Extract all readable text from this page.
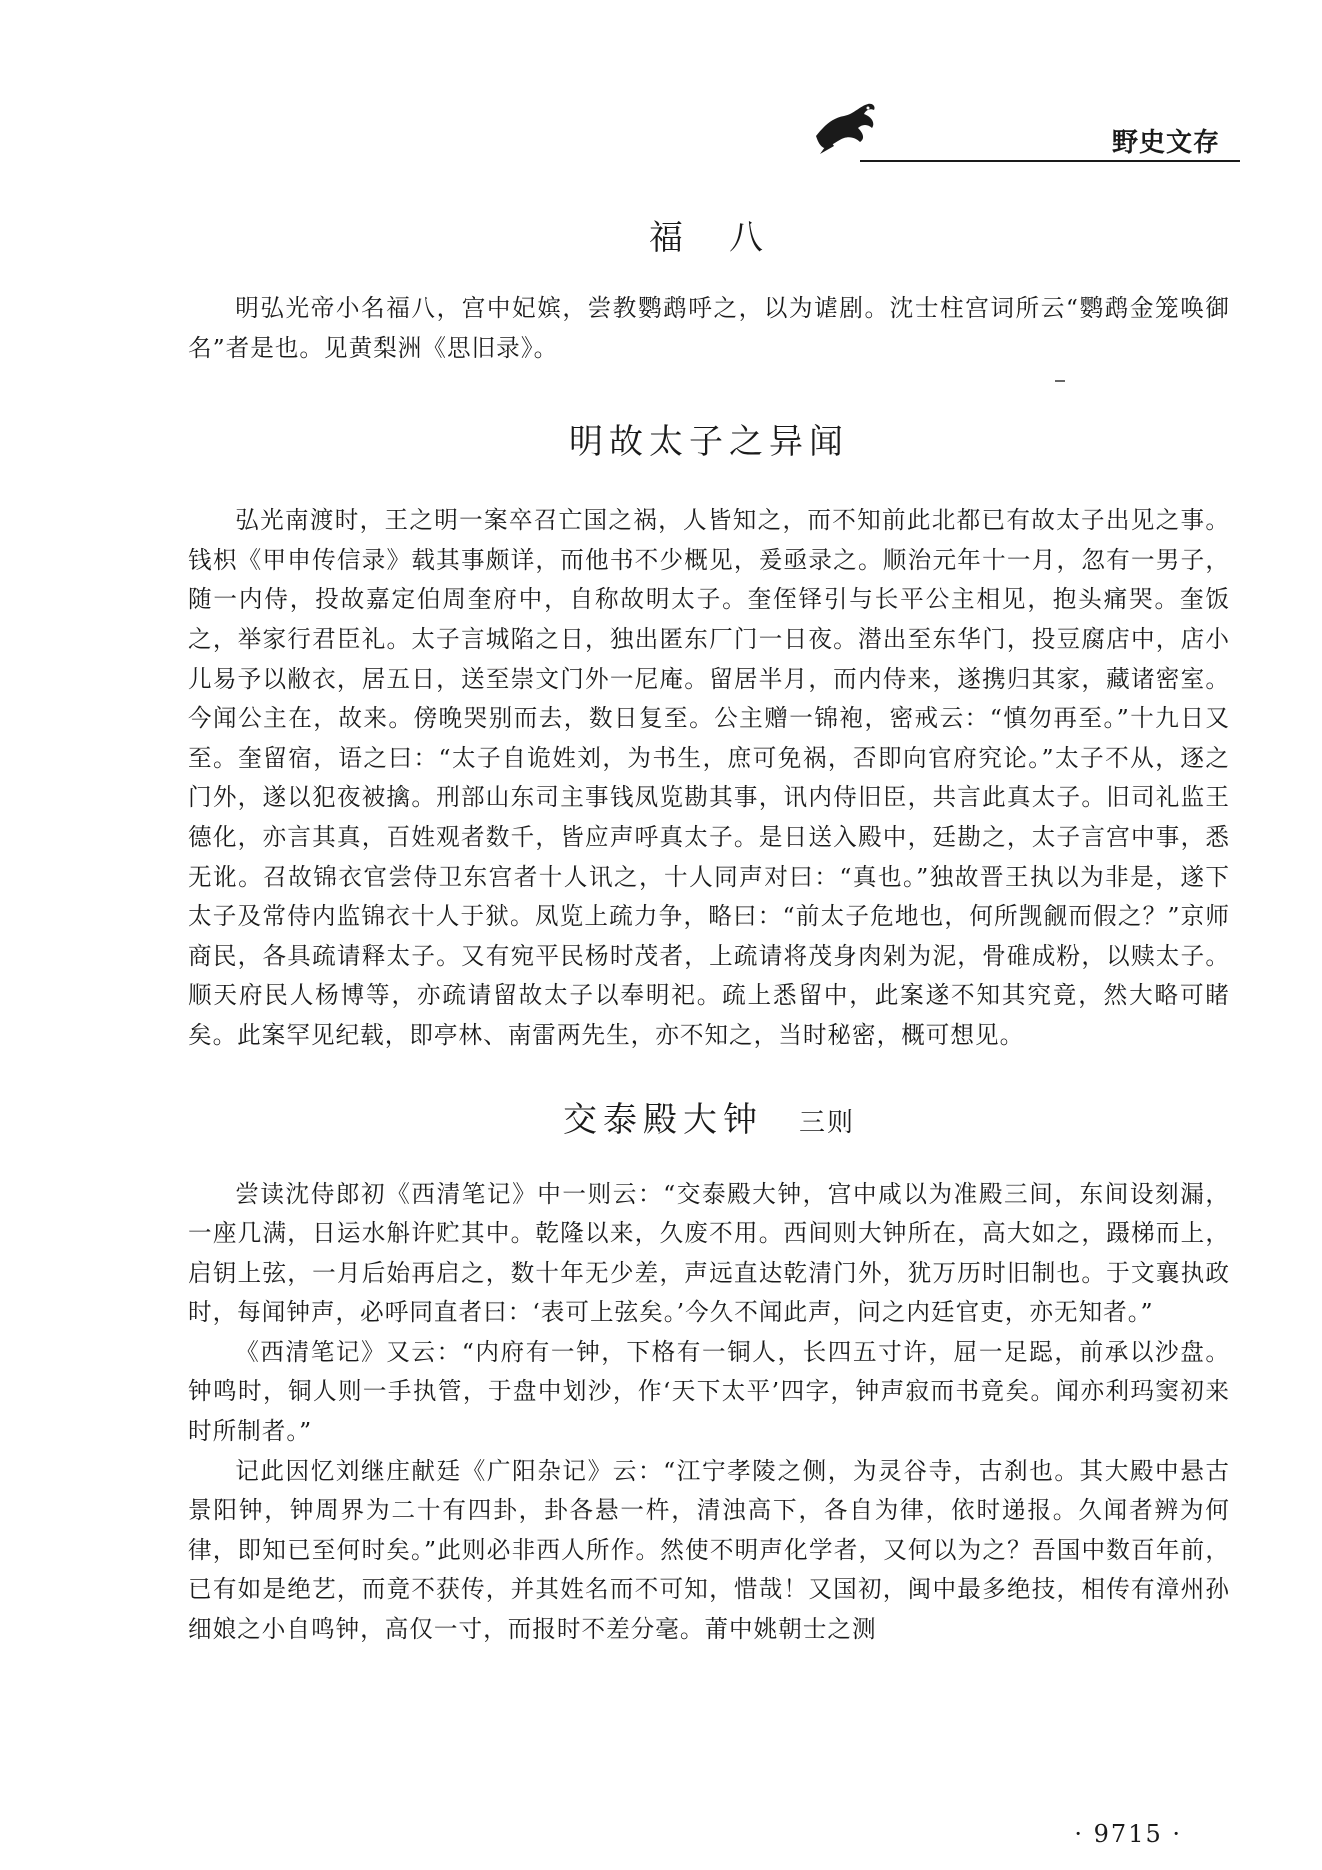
野史文存
福　八

明弘光帝小名福八，宫中妃嫔，尝教鹦鹉呼之，以为谑剧。沈士柱宫词所云“鹦鹉金笼唤御名”者是也。见黄梨洲《思旧录》。

明故太子之异闻

弘光南渡时，王之明一案卒召亡国之祸，人皆知之，而不知前此北都已有故太子出见之事。钱枳《甲申传信录》载其事颇详，而他书不少概见，爰亟录之。顺治元年十一月，忽有一男子，随一内侍，投故嘉定伯周奎府中，自称故明太子。奎侄铎引与长平公主相见，抱头痛哭。奎饭之，举家行君臣礼。太子言城陷之日，独出匿东厂门一日夜。潜出至东华门，投豆腐店中，店小儿易予以敝衣，居五日，送至崇文门外一尼庵。留居半月，而内侍来，遂携归其家，藏诸密室。今闻公主在，故来。傍晚哭别而去，数日复至。公主赠一锦袍，密戒云：“慎勿再至。”十九日又至。奎留宿，语之曰：“太子自诡姓刘，为书生，庶可免祸，否即向官府究论。”太子不从，逐之门外，遂以犯夜被擒。刑部山东司主事钱凤览勘其事，讯内侍旧臣，共言此真太子。旧司礼监王德化，亦言其真，百姓观者数千，皆应声呼真太子。是日送入殿中，廷勘之，太子言宫中事，悉无讹。召故锦衣官尝侍卫东宫者十人讯之，十人同声对曰：“真也。”独故晋王执以为非是，遂下太子及常侍内监锦衣十人于狱。凤览上疏力争，略曰：“前太子危地也，何所觊觎而假之？”京师商民，各具疏请释太子。又有宛平民杨时茂者，上疏请将茂身肉剁为泥，骨碓成粉，以赎太子。顺天府民人杨博等，亦疏请留故太子以奉明祀。疏上悉留中，此案遂不知其究竟，然大略可睹矣。此案罕见纪载，即亭林、南雷两先生，亦不知之，当时秘密，概可想见。

交泰殿大钟 三则

尝读沈侍郎初《西清笔记》中一则云：“交泰殿大钟，宫中咸以为准殿三间，东间设刻漏，一座几满，日运水斛许贮其中。乾隆以来，久废不用。西间则大钟所在，高大如之，蹑梯而上，启钥上弦，一月后始再启之，数十年无少差，声远直达乾清门外，犹万历时旧制也。于文襄执政时，每闻钟声，必呼同直者曰：‘表可上弦矣。’今久不闻此声，问之内廷官吏，亦无知者。”

《西清笔记》又云：“内府有一钟，下格有一铜人，长四五寸许，屈一足跽，前承以沙盘。钟鸣时，铜人则一手执管，于盘中划沙，作‘天下太平’四字，钟声寂而书竟矣。闻亦利玛窦初来时所制者。”

记此因忆刘继庄献廷《广阳杂记》云：“江宁孝陵之侧，为灵谷寺，古刹也。其大殿中悬古景阳钟，钟周界为二十有四卦，卦各悬一杵，清浊高下，各自为律，依时递报。久闻者辨为何律，即知已至何时矣。”此则必非西人所作。然使不明声化学者，又何以为之？吾国中数百年前，已有如是绝艺，而竟不获传，并其姓名而不可知，惜哉！又国初，闽中最多绝技，相传有漳州孙细娘之小自鸣钟，高仅一寸，而报时不差分毫。莆中姚朝士之测

· 9715 ·
